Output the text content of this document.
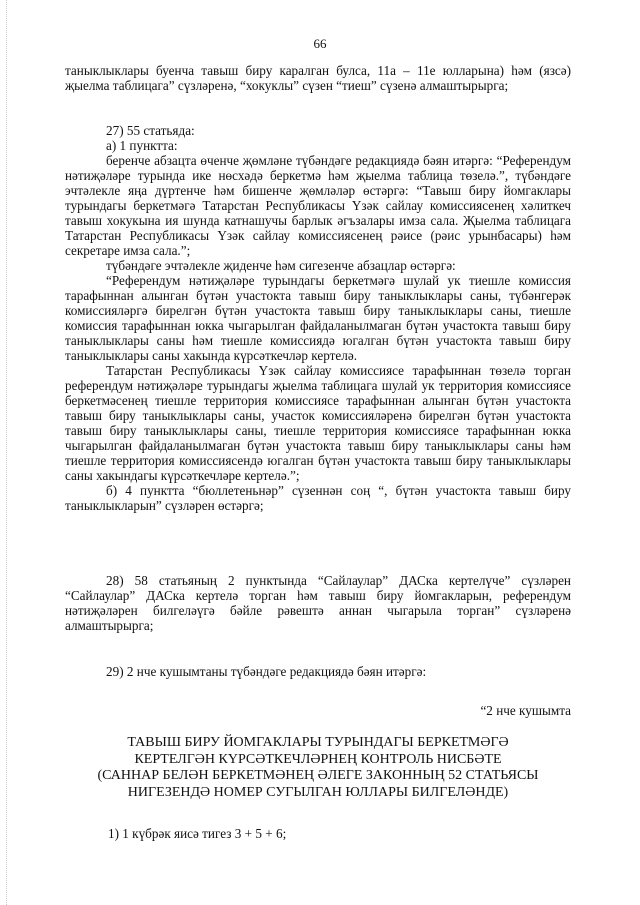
66

таныклыклары буенча тавыш биру каралган булса, 11а – 11е юлларына) һәм (язсә) җыелма таблицага” сүзләренә, “хокуклы” сүзен “тиеш” сүзенә алмаштырырга;

27) 55 статьяда:

а) 1 пунктта:

беренче абзацта өченче җөмләне түбәндәге редакциядә бәян итәргә: “Референдум нәтиҗәләре турында ике нөсхәдә беркетмә һәм җыелма таблица төзелә.”, түбәндәге эчтәлекле яңа дүртенче һәм бишенче җөмләләр өстәргә: “Тавыш биру йомгаклары турындагы беркетмәгә Татарстан Республикасы Үзәк сайлау комиссиясенең хәлиткеч тавыш хокукына ия шунда катнашучы барлык әгъзалары имза сала. Җыелма таблицага Татарстан Республикасы Үзәк сайлау комиссиясенең рәисе (рәис урынбасары) һәм секретаре имза сала.”;

түбәндәге эчтәлекле җиденче һәм сигезенче абзацлар өстәргә:

“Референдум нәтиҗәләре турындагы беркетмәгә шулай ук тиешле комиссия тарафыннан алынган бүтән участокта тавыш биру таныклыклары саны, түбәнгерәк комиссияләргә бирелгән бүтән участокта тавыш биру таныклыклары саны, тиешле комиссия тарафыннан юкка чыгарылган файдаланылмаган бүтән участокта тавыш биру таныклыклары саны һәм тиешле комиссиядә югалган бүтән участокта тавыш биру таныклыклары саны хакында күрсәткечләр кертелә.

Татарстан Республикасы Үзәк сайлау комиссиясе тарафыннан төзелә торган референдум нәтиҗәләре турындагы җыелма таблицага шулай ук территория комиссиясе беркетмәсенең тиешле территория комиссиясе тарафыннан алынган бүтән участокта тавыш биру таныклыклары саны, участок комиссияләренә бирелгән бүтән участокта тавыш биру таныклыклары саны, тиешле территория комиссиясе тарафыннан юкка чыгарылган файдаланылмаган бүтән участокта тавыш биру таныклыклары саны һәм тиешле территория комиссиясендә югалган бүтән участокта тавыш биру таныклыклары саны хакындагы күрсәткечләре кертелә.”;

б) 4 пунктта “бюллетеньнәр” сүзеннән соң “, бүтән участокта тавыш биру таныклыкларын” сүзләрен өстәргә;

28) 58 статьяның 2 пунктында “Сайлаулар” ДАСка кертелүче” сүзләрен “Сайлаулар” ДАСка кертелә торган һәм тавыш биру йомгакларын, референдум нәтиҗәләрен билгеләүгә бәйле рәвештә аннан чыгарыла торган” сүзләренә алмаштырырга;

29) 2 нче кушымтаны түбәндәге редакциядә бәян итәргә:

“2 нче кушымта

ТАВЫШ БИРУ ЙОМГАКЛАРЫ ТУРЫНДАГЫ БЕРКЕТМӘГӘ

КЕРТЕЛГӘН КҮРСӘТКЕЧЛӘРНЕҢ КОНТРОЛЬ НИСБӘТЕ

(САННАР БЕЛӘН БЕРКЕТМӘНЕҢ ӘЛЕГЕ ЗАКОННЫҢ 52 СТАТЬЯСЫ

НИГЕЗЕНДӘ НОМЕР СУГЫЛГАН ЮЛЛАРЫ БИЛГЕЛӘНДЕ)

1) 1 күбрәк яисә тигез 3 + 5 + 6;
